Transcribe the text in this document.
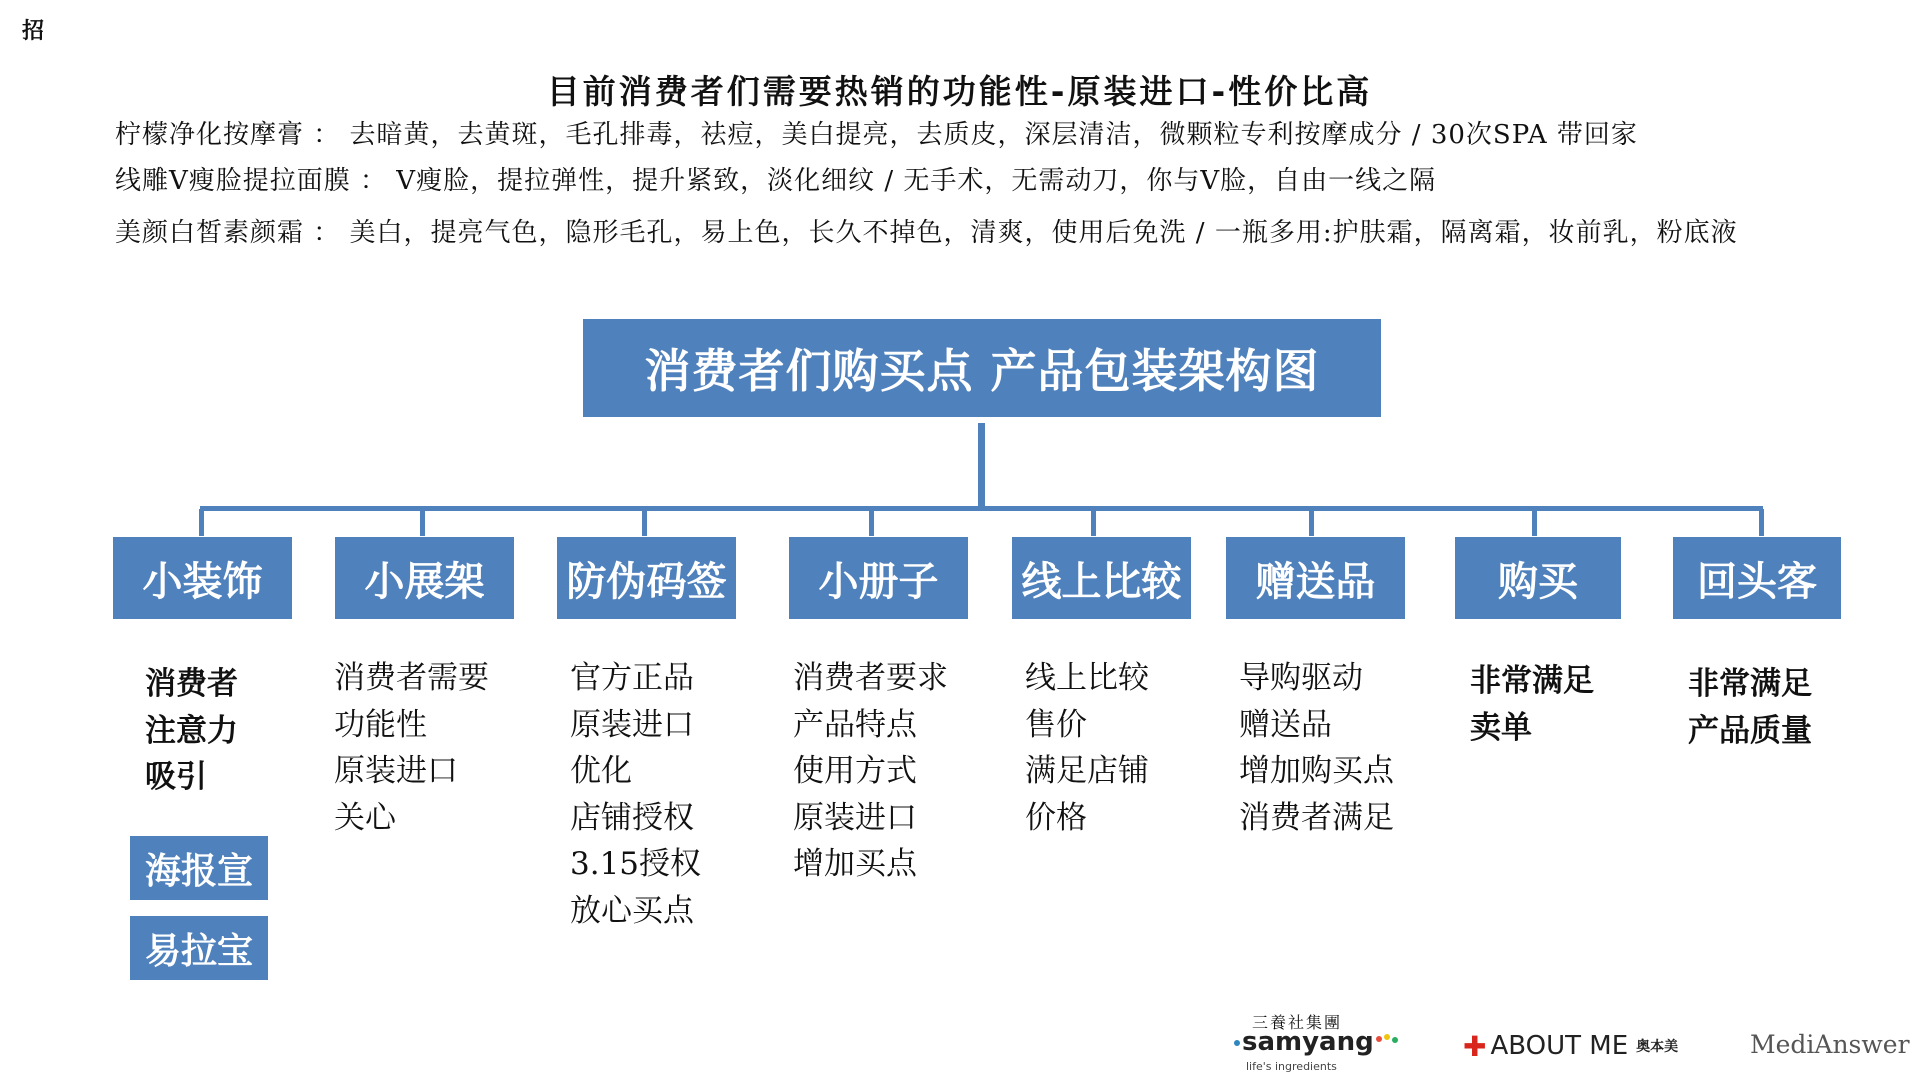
招
目前消费者们需要热销的功能性-原装进口-性价比高
柠檬净化按摩膏 ： 去暗黄，去黄斑，毛孔排毒，祛痘，美白提亮，去质皮，深层清洁，微颗粒专利按摩成分 / 30次SPA 带回家
线雕V瘦脸提拉面膜 ： V瘦脸，提拉弹性，提升紧致，淡化细纹 / 无手术，无需动刀，你与V脸，自由一线之隔
美颜白皙素颜霜 ： 美白，提亮气色，隐形毛孔，易上色，长久不掉色，清爽，使用后免洗 / 一瓶多用:护肤霜，隔离霜，妆前乳，粉底液
消费者们购买点 产品包装架构图
小装饰	小展架	防伪码签	小册子	线上比较	赠送品	购买	回头客
消费者
注意力
吸引
海报宣
易拉宝
消费者需要
功能性
原装进口
关心
官方正品
原装进口
优化
店铺授权
3.15授权
放心买点
消费者要求
产品特点
使用方式
原装进口
增加买点
线上比较
售价
满足店铺
价格
导购驱动
赠送品
增加购买点
消费者满足
非常满足
卖单
非常满足
产品质量
三養社集團
samyang
life's ingredients
✚ ABOUT ME 奥本美	MediAnswer
